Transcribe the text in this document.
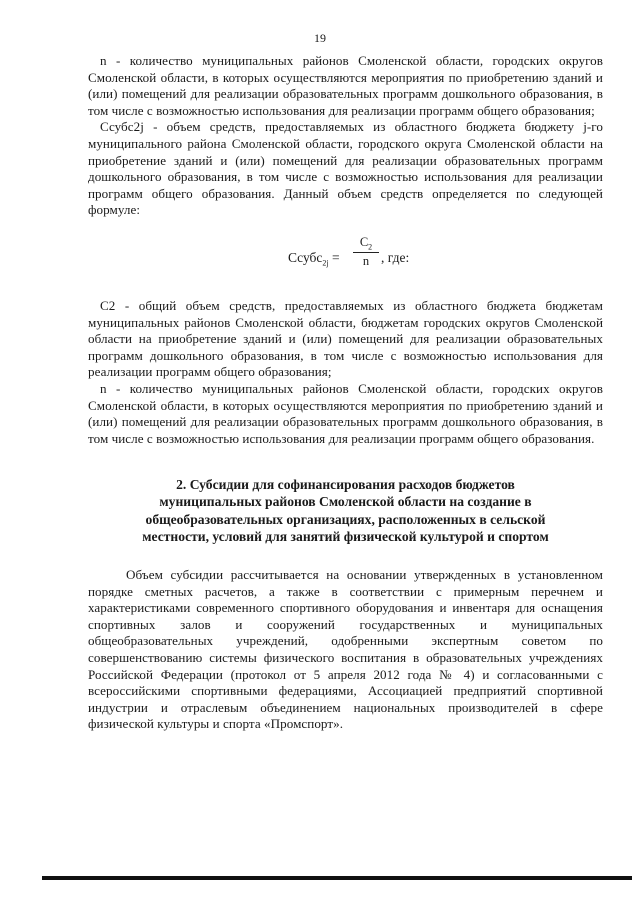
19

n - количество муниципальных районов Смоленской области, городских округов Смоленской области, в которых осуществляются мероприятия по приобретению зданий и (или) помещений для реализации образовательных программ дошкольного образования, в том числе с возможностью использования для реализации программ общего образования;

Ссубс2j - объем средств, предоставляемых из областного бюджета бюджету j-го муниципального района Смоленской области, городского округа Смоленской области на приобретение зданий и (или) помещений для реализации образовательных программ дошкольного образования, в том числе с возможностью использования для реализации программ общего образования. Данный объем средств определяется по следующей формуле:

Ссубс$_{2j}$ =
$C_2$
n , где:

С2 - общий объем средств, предоставляемых из областного бюджета бюджетам муниципальных районов Смоленской области, бюджетам городских округов Смоленской области на приобретение зданий и (или) помещений для реализации образовательных программ дошкольного образования, в том числе с возможностью использования для реализации программ общего образования;

n - количество муниципальных районов Смоленской области, городских округов Смоленской области, в которых осуществляются мероприятия по приобретению зданий и (или) помещений для реализации образовательных программ дошкольного образования, в том числе с возможностью использования для реализации программ общего образования.

2. Субсидии для софинансирования расходов бюджетов
муниципальных районов Смоленской области на создание в
общеобразовательных организациях, расположенных в сельской
местности, условий для занятий физической культурой и спортом

Объем субсидии рассчитывается на основании утвержденных в установленном порядке сметных расчетов, а также в соответствии с примерным перечнем и характеристиками современного спортивного оборудования и инвентаря для оснащения спортивных залов и сооружений государственных и муниципальных общеобразовательных учреждений, одобренными экспертным советом по совершенствованию системы физического воспитания в образовательных учреждениях Российской Федерации (протокол от 5 апреля 2012 года № 4) и согласованными с всероссийскими спортивными федерациями, Ассоциацией предприятий спортивной индустрии и отраслевым объединением национальных производителей в сфере физической культуры и спорта «Промспорт».
